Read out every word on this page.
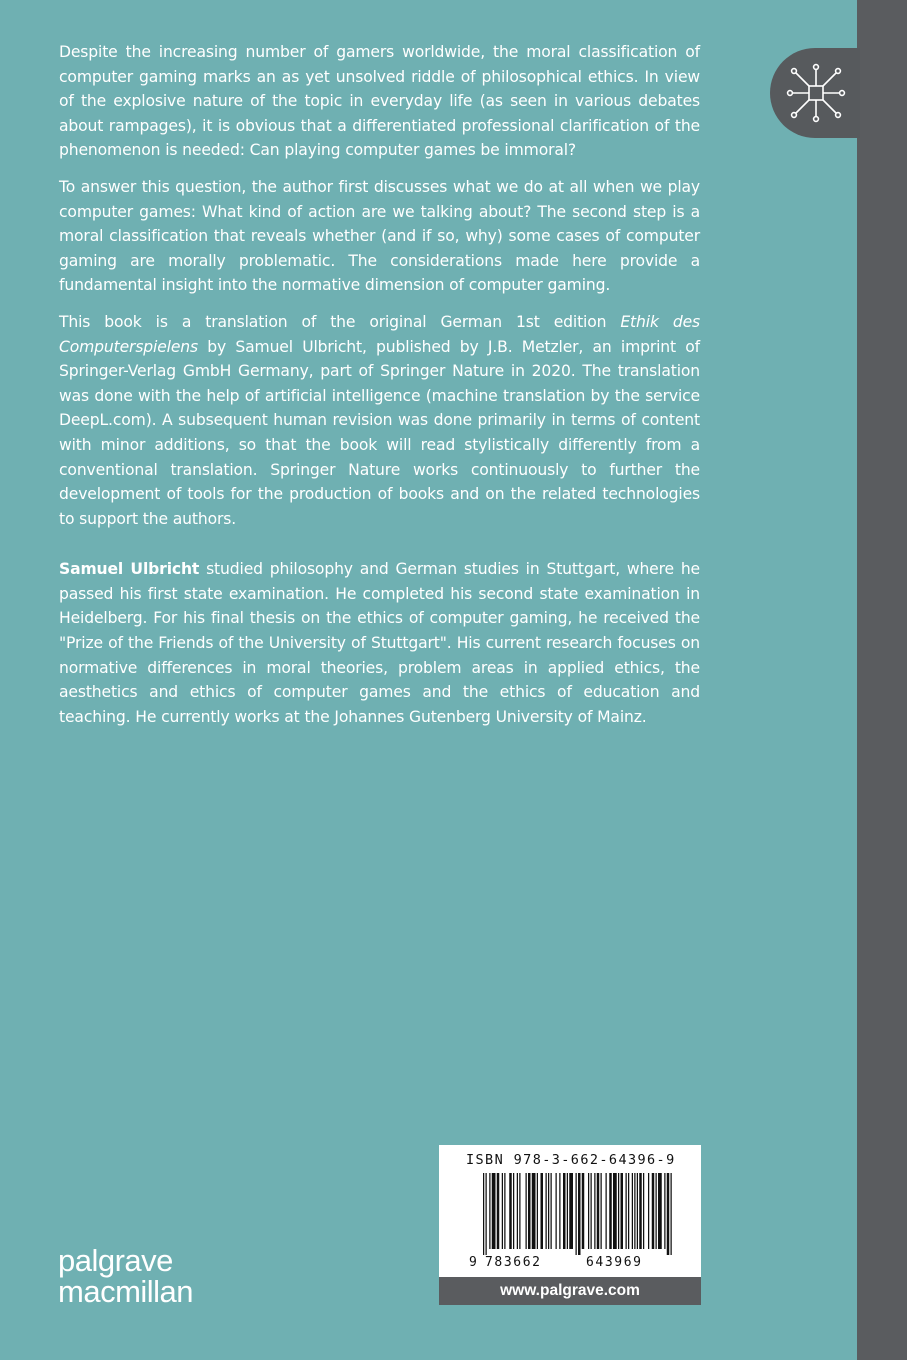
Despite the increasing number of gamers worldwide, the moral classification of computer gaming marks an as yet unsolved riddle of philosophical ethics. In view of the explosive nature of the topic in everyday life (as seen in various debates about rampages), it is obvious that a differentiated professional clarification of the phenomenon is needed: Can playing computer games be immoral?

To answer this question, the author first discusses what we do at all when we play computer games: What kind of action are we talking about? The second step is a moral classification that reveals whether (and if so, why) some cases of computer gaming are morally problematic. The considerations made here provide a fundamental insight into the normative dimension of computer gaming.

This book is a translation of the original German 1st edition Ethik des Computerspielens by Samuel Ulbricht, published by J.B. Metzler, an imprint of Springer-Verlag GmbH Germany, part of Springer Nature in 2020. The translation was done with the help of artificial intelligence (machine translation by the service DeepL.com). A subsequent human revision was done primarily in terms of content with minor additions, so that the book will read stylistically differently from a conventional translation. Springer Nature works continuously to further the development of tools for the production of books and on the related technologies to support the authors.

Samuel Ulbricht studied philosophy and German studies in Stuttgart, where he passed his first state examination. He completed his second state examination in Heidelberg. For his final thesis on the ethics of computer gaming, he received the "Prize of the Friends of the University of Stuttgart". His current research focuses on normative differences in moral theories, problem areas in applied ethics, the aesthetics and ethics of computer games and the ethics of education and teaching. He currently works at the Johannes Gutenberg University of Mainz.

palgrave
macmillan
ISBN 978-3-662-64396-9
9 783662	643969
www.palgrave.com
